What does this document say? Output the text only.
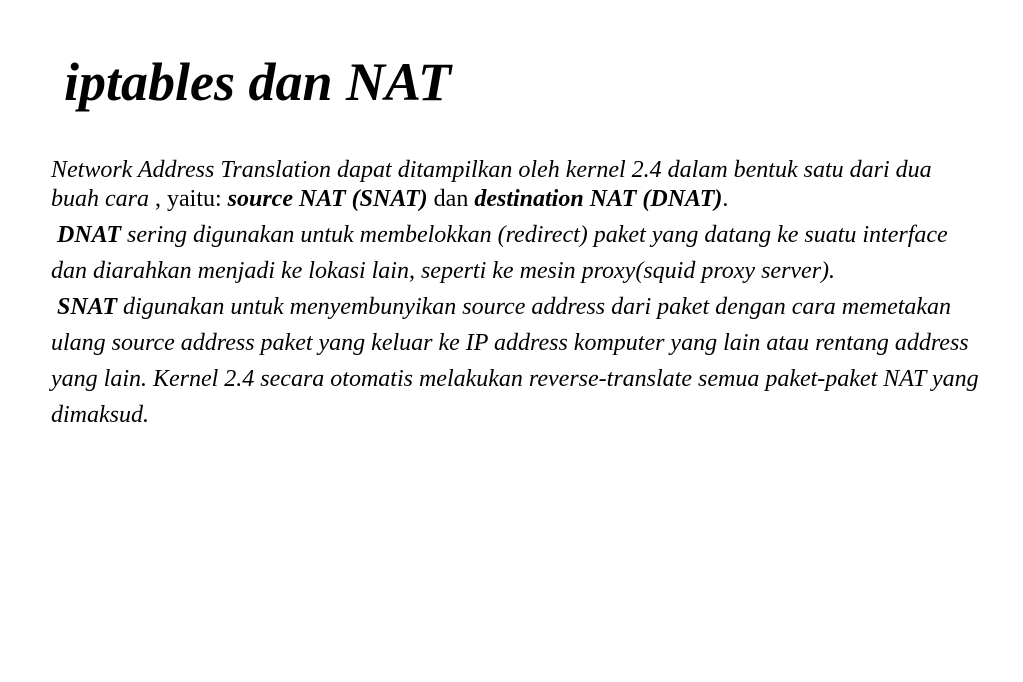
iptables dan NAT

Network Address Translation dapat ditampilkan oleh kernel 2.4 dalam bentuk satu dari dua buah cara , yaitu: source NAT (SNAT) dan destination NAT (DNAT).

DNAT sering digunakan untuk membelokkan (redirect) paket yang datang ke suatu interface dan diarahkan menjadi ke lokasi lain, seperti ke mesin proxy(squid proxy server).

SNAT digunakan untuk menyembunyikan source address dari paket dengan cara memetakan ulang source address paket yang keluar ke IP address komputer yang lain atau rentang address yang lain. Kernel 2.4 secara otomatis melakukan reverse-translate semua paket-paket NAT yang dimaksud.
